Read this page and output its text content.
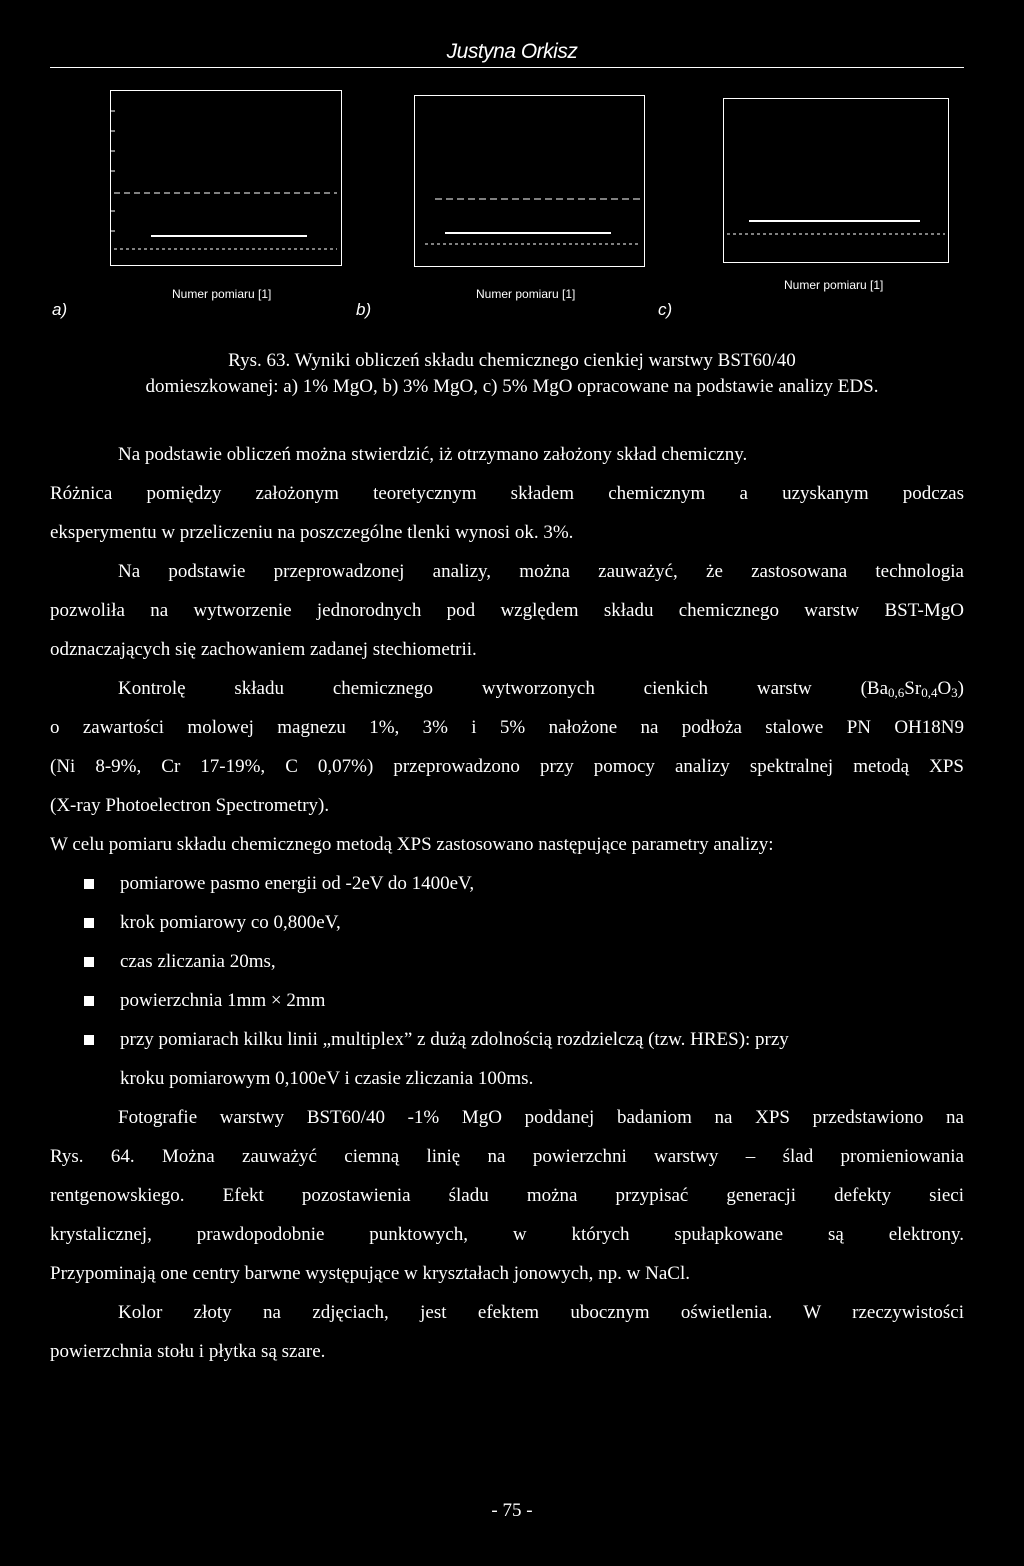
Justyna Orkisz
Numer pomiaru [1]	Numer pomiaru [1]
Numer pomiaru [1]
a)	b)	c)
Rys. 63. Wyniki obliczeń składu chemicznego cienkiej warstwy BST60/40
domieszkowanej: a) 1% MgO, b) 3% MgO, c) 5% MgO opracowane na podstawie analizy EDS.
Na podstawie obliczeń można stwierdzić, iż otrzymano założony skład chemiczny.
Różnica pomiędzy założonym teoretycznym składem chemicznym a uzyskanym podczas
eksperymentu w przeliczeniu na poszczególne tlenki wynosi ok. 3%.
Na podstawie przeprowadzonej analizy, można zauważyć, że zastosowana technologia
pozwoliła na wytworzenie jednorodnych pod względem składu chemicznego warstw BST-MgO
odznaczających się zachowaniem zadanej stechiometrii.
Kontrolę składu chemicznego wytworzonych cienkich warstw $(Ba_{0,6}Sr_{0,4}O_3)$
o zawartości molowej magnezu 1%, 3% i 5% nałożone na podłoża stalowe PN OH18N9
(Ni 8-9%, Cr 17-19%, C 0,07%) przeprowadzono przy pomocy analizy spektralnej metodą XPS
(X-ray Photoelectron Spectrometry).
W celu pomiaru składu chemicznego metodą XPS zastosowano następujące parametry analizy:
pomiarowe pasmo energii od -2eV do 1400eV,
krok pomiarowy co 0,800eV,
czas zliczania 20ms,
powierzchnia 1mm × 2mm
przy pomiarach kilku linii „multiplex” z dużą zdolnością rozdzielczą (tzw. HRES): przy
kroku pomiarowym 0,100eV i czasie zliczania 100ms.
Fotografie warstwy BST60/40 -1% MgO poddanej badaniom na XPS przedstawiono na
Rys. 64. Można zauważyć ciemną linię na powierzchni warstwy – ślad promieniowania
rentgenowskiego. Efekt pozostawienia śladu można przypisać generacji defekty sieci
krystalicznej, prawdopodobnie punktowych, w których spułapkowane są elektrony.
Przypominają one centry barwne występujące w kryształach jonowych, np. w NaCl.
Kolor złoty na zdjęciach, jest efektem ubocznym oświetlenia. W rzeczywistości
powierzchnia stołu i płytka są szare.
- 75 -
